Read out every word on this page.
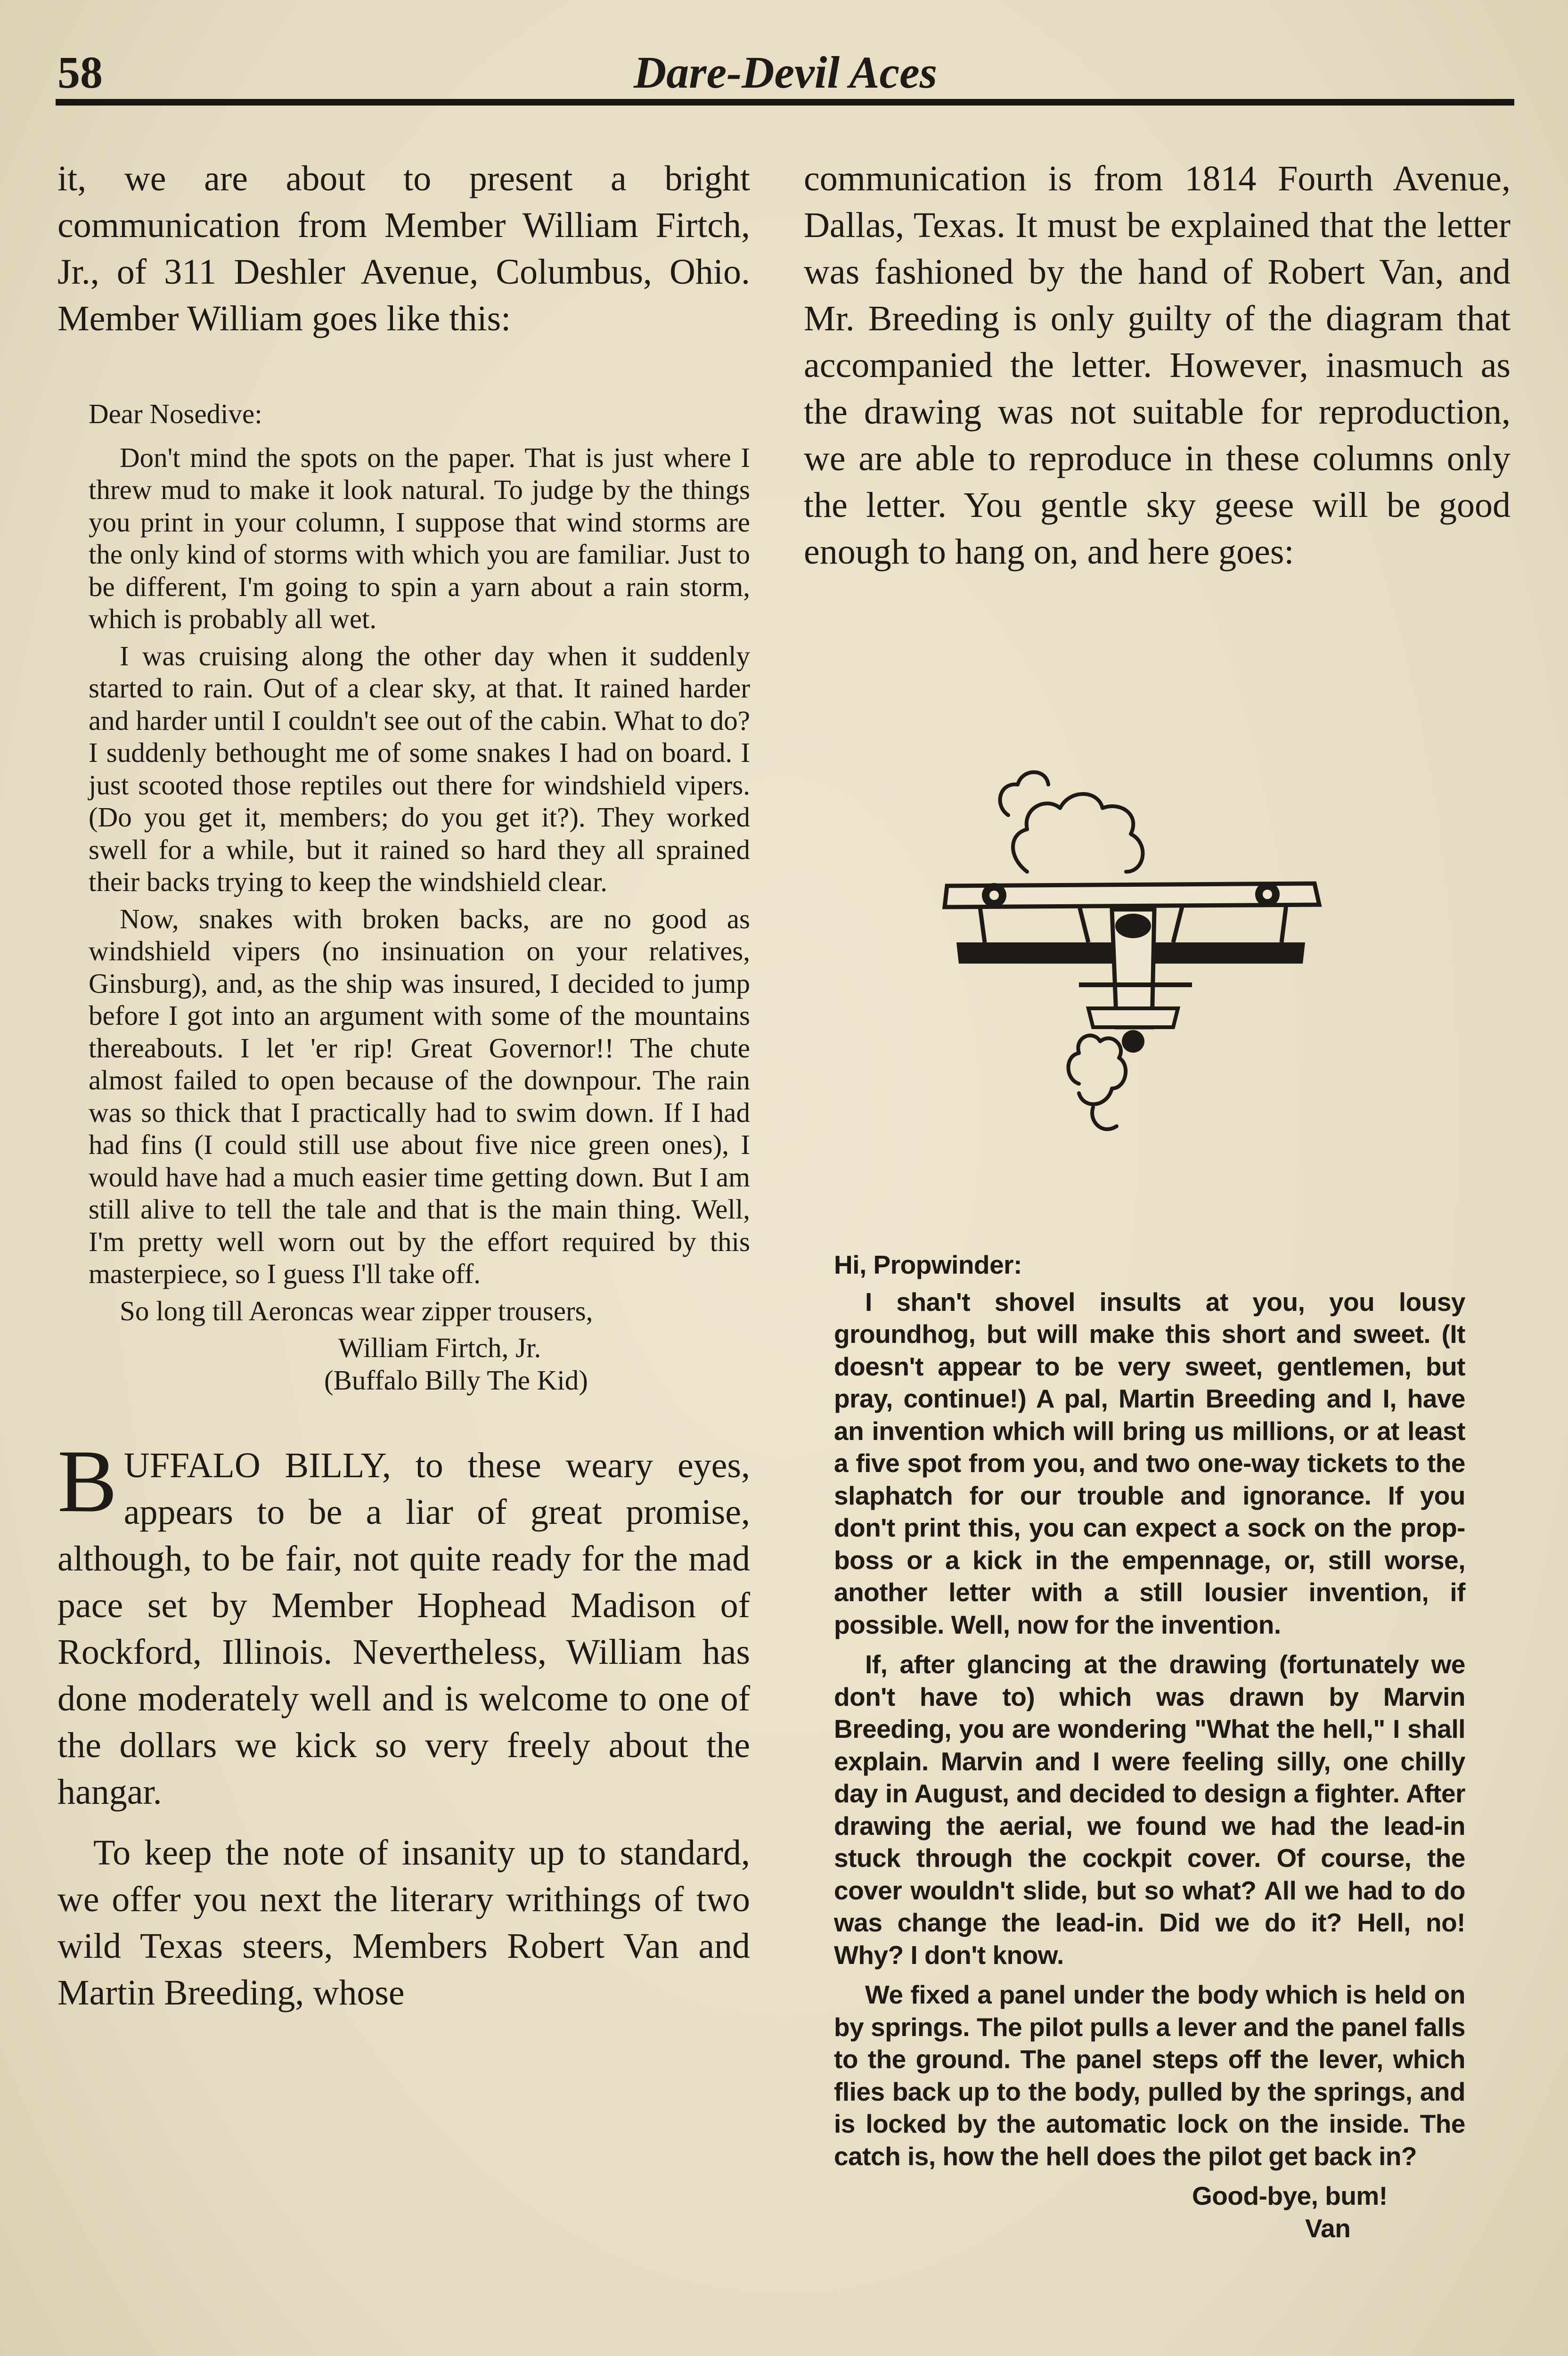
58	Dare-Devil Aces

it, we are about to present a bright communication from Member William Firtch, Jr., of 311 Deshler Avenue, Columbus, Ohio. Member William goes like this:

Dear Nosedive:

Don't mind the spots on the paper. That is just where I threw mud to make it look natural. To judge by the things you print in your column, I suppose that wind storms are the only kind of storms with which you are familiar. Just to be different, I'm going to spin a yarn about a rain storm, which is probably all wet.

I was cruising along the other day when it suddenly started to rain. Out of a clear sky, at that. It rained harder and harder until I couldn't see out of the cabin. What to do? I suddenly bethought me of some snakes I had on board. I just scooted those reptiles out there for windshield vipers. (Do you get it, members; do you get it?). They worked swell for a while, but it rained so hard they all sprained their backs trying to keep the windshield clear.

Now, snakes with broken backs, are no good as windshield vipers (no insinuation on your relatives, Ginsburg), and, as the ship was insured, I decided to jump before I got into an argument with some of the mountains thereabouts. I let 'er rip! Great Governor!! The chute almost failed to open because of the downpour. The rain was so thick that I practically had to swim down. If I had had fins (I could still use about five nice green ones), I would have had a much easier time getting down. But I am still alive to tell the tale and that is the main thing. Well, I'm pretty well worn out by the effort required by this masterpiece, so I guess I'll take off.

So long till Aeroncas wear zipper trousers,

William Firtch, Jr.

(Buffalo Billy The Kid)

BUFFALO BILLY, to these weary eyes, appears to be a liar of great promise, although, to be fair, not quite ready for the mad pace set by Member Hophead Madison of Rockford, Illinois. Nevertheless, William has done moderately well and is welcome to one of the dollars we kick so very freely about the hangar.

To keep the note of insanity up to standard, we offer you next the literary writhings of two wild Texas steers, Members Robert Van and Martin Breeding, whose

communication is from 1814 Fourth Avenue, Dallas, Texas. It must be explained that the letter was fashioned by the hand of Robert Van, and Mr. Breeding is only guilty of the diagram that accompanied the letter. However, inasmuch as the drawing was not suitable for reproduction, we are able to reproduce in these columns only the letter. You gentle sky geese will be good enough to hang on, and here goes:

Hi, Propwinder:

I shan't shovel insults at you, you lousy groundhog, but will make this short and sweet. (It doesn't appear to be very sweet, gentlemen, but pray, continue!) A pal, Martin Breeding and I, have an invention which will bring us millions, or at least a five spot from you, and two one-way tickets to the slaphatch for our trouble and ignorance. If you don't print this, you can expect a sock on the prop-boss or a kick in the empennage, or, still worse, another letter with a still lousier invention, if possible. Well, now for the invention.

If, after glancing at the drawing (fortunately we don't have to) which was drawn by Marvin Breeding, you are wondering "What the hell," I shall explain. Marvin and I were feeling silly, one chilly day in August, and decided to design a fighter. After drawing the aerial, we found we had the lead-in stuck through the cockpit cover. Of course, the cover wouldn't slide, but so what? All we had to do was change the lead-in. Did we do it? Hell, no! Why? I don't know.

We fixed a panel under the body which is held on by springs. The pilot pulls a lever and the panel falls to the ground. The panel steps off the lever, which flies back up to the body, pulled by the springs, and is locked by the automatic lock on the inside. The catch is, how the hell does the pilot get back in?

Good-bye, bum!

Van
